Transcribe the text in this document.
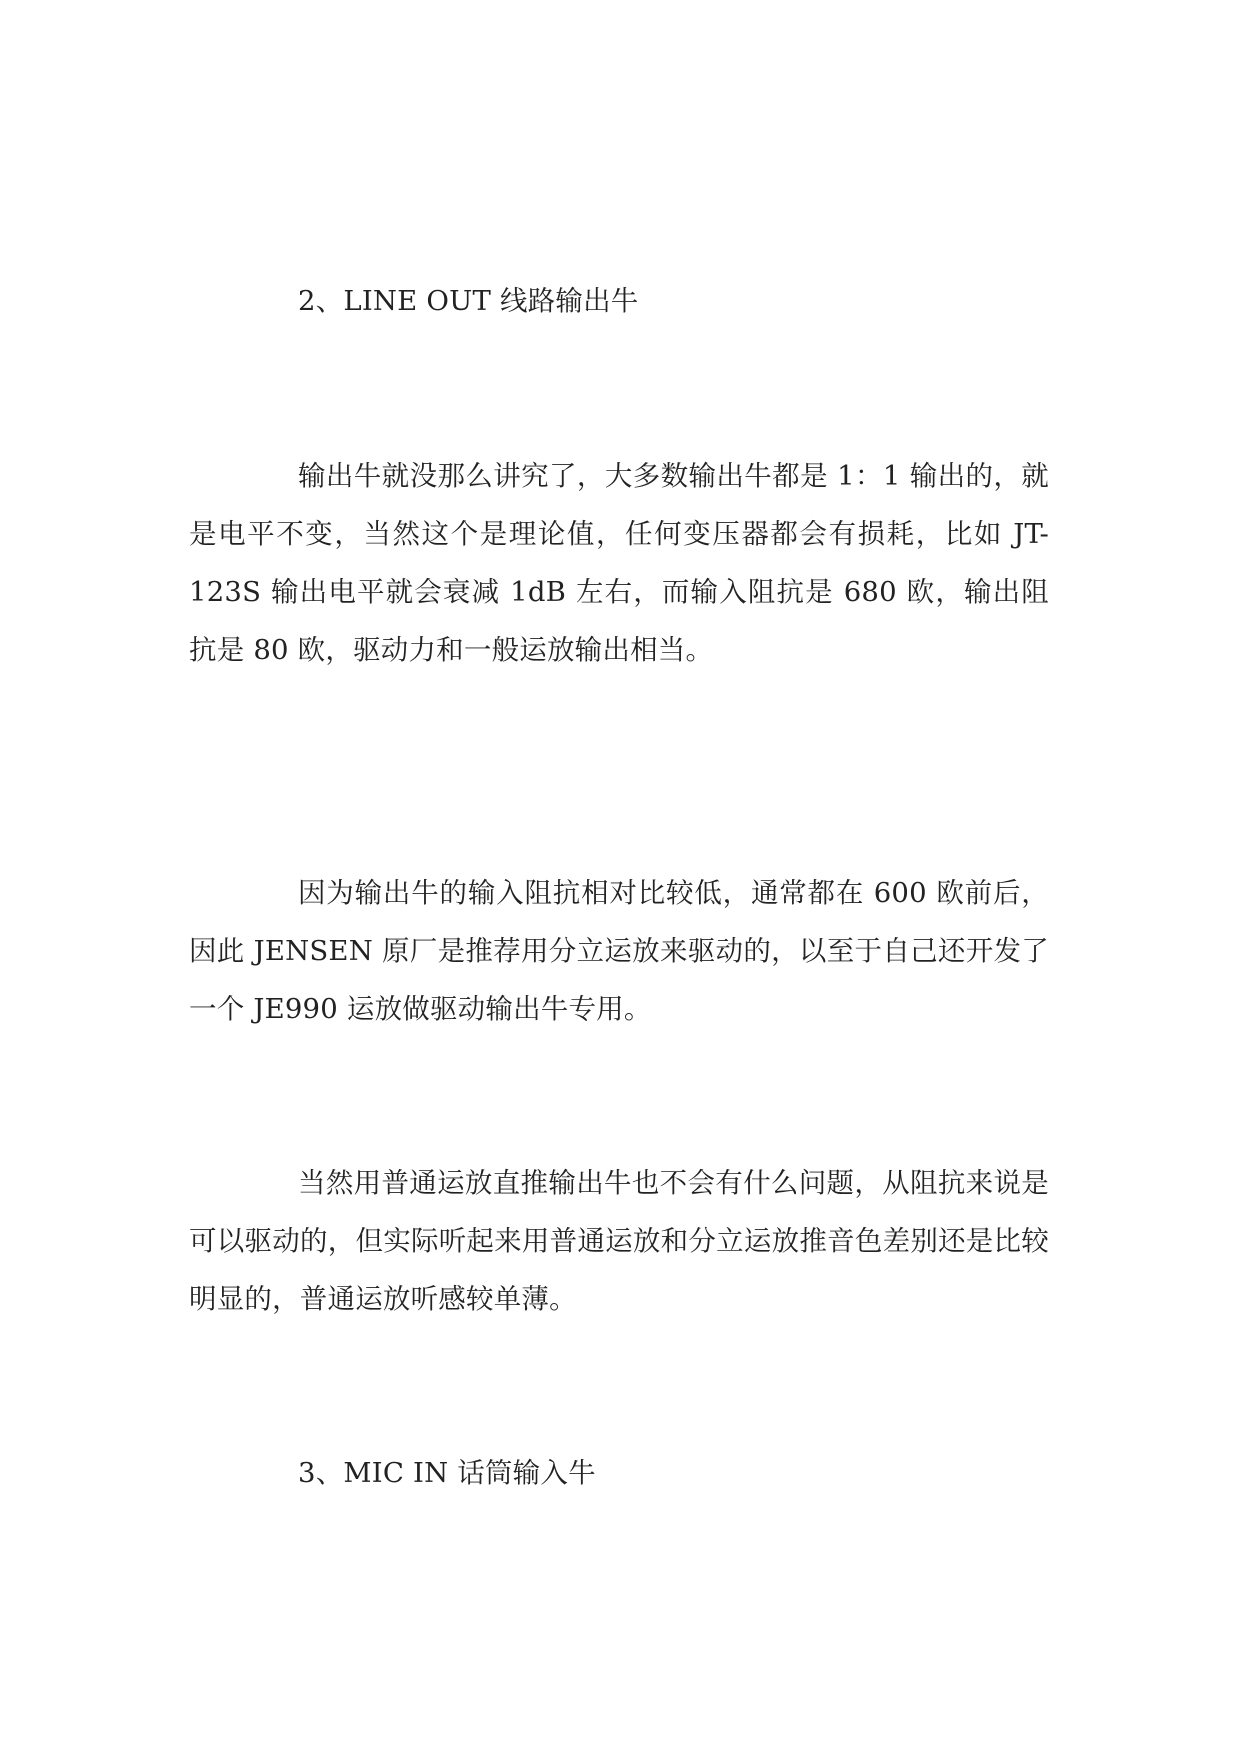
2、LINE OUT 线路输出牛

输出牛就没那么讲究了，大多数输出牛都是 1：1 输出的，就是电平不变，当然这个是理论值，任何变压器都会有损耗，比如 JT-123S 输出电平就会衰减 1dB 左右，而输入阻抗是 680 欧，输出阻抗是 80 欧，驱动力和一般运放输出相当。

因为输出牛的输入阻抗相对比较低，通常都在 600 欧前后，因此 JENSEN 原厂是推荐用分立运放来驱动的，以至于自己还开发了一个 JE990 运放做驱动输出牛专用。

当然用普通运放直推输出牛也不会有什么问题，从阻抗来说是可以驱动的，但实际听起来用普通运放和分立运放推音色差别还是比较明显的，普通运放听感较单薄。

3、MIC IN 话筒输入牛
